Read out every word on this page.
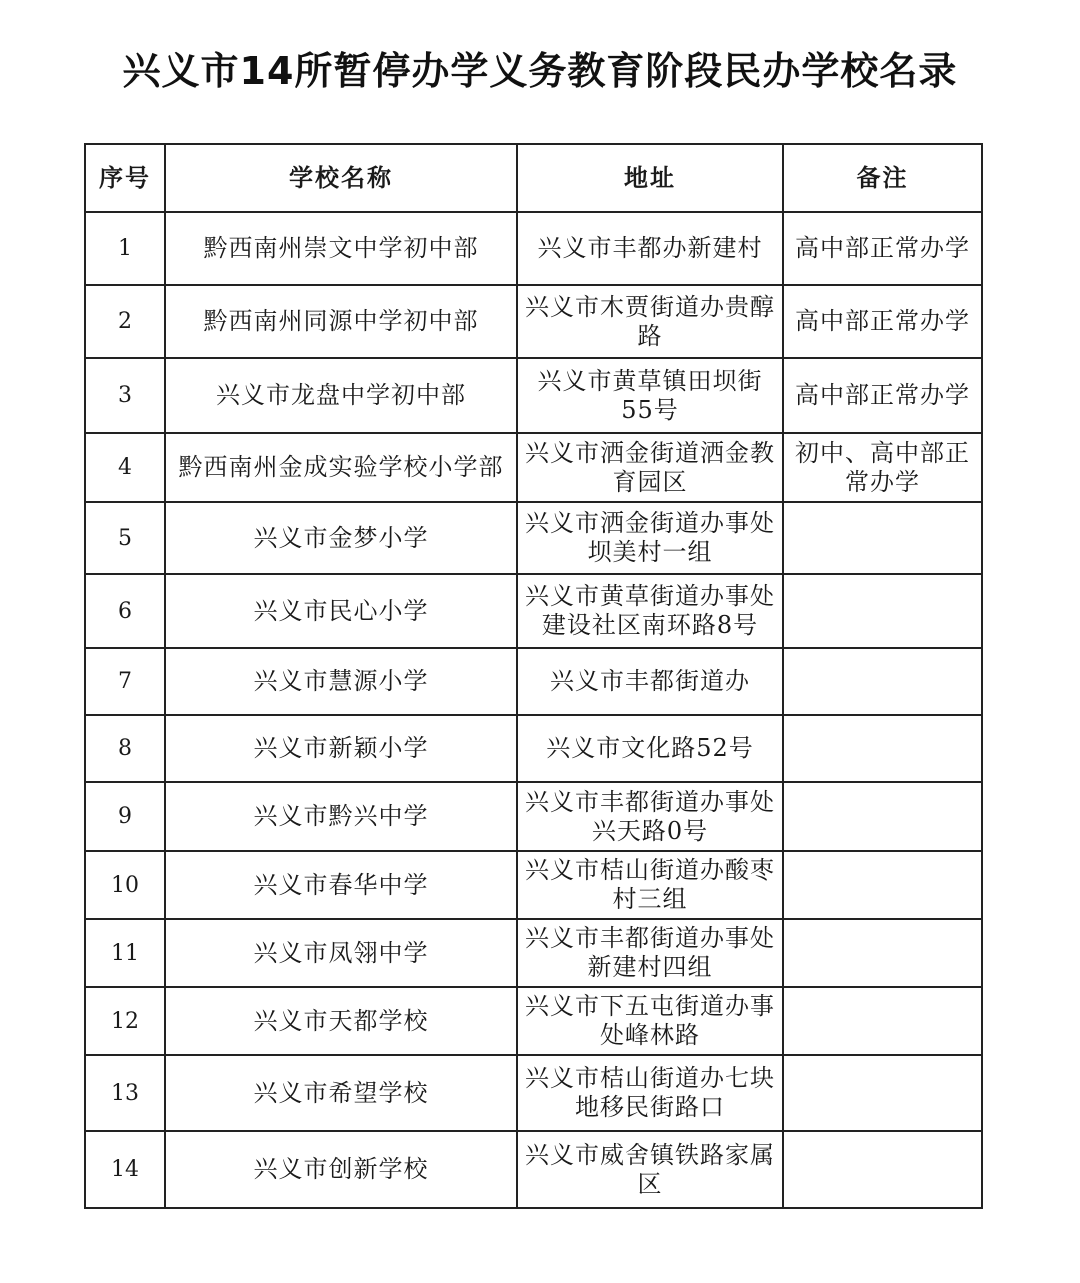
兴义市14所暂停办学义务教育阶段民办学校名录
序号	学校名称	地址	备注
1	黔西南州崇文中学初中部	兴义市丰都办新建村	高中部正常办学
2	黔西南州同源中学初中部	兴义市木贾街道办贵醇路	高中部正常办学
3	兴义市龙盘中学初中部	兴义市黄草镇田坝街55号	高中部正常办学
4	黔西南州金成实验学校小学部	兴义市洒金街道洒金教育园区	初中、高中部正常办学
5	兴义市金梦小学	兴义市洒金街道办事处坝美村一组	
6	兴义市民心小学	兴义市黄草街道办事处建设社区南环路8号	
7	兴义市慧源小学	兴义市丰都街道办	
8	兴义市新颖小学	兴义市文化路52号	
9	兴义市黔兴中学	兴义市丰都街道办事处兴天路0号	
10	兴义市春华中学	兴义市桔山街道办酸枣村三组	
11	兴义市凤翎中学	兴义市丰都街道办事处新建村四组	
12	兴义市天都学校	兴义市下五屯街道办事处峰林路	
13	兴义市希望学校	兴义市桔山街道办七块地移民街路口	
14	兴义市创新学校	兴义市威舍镇铁路家属区	
